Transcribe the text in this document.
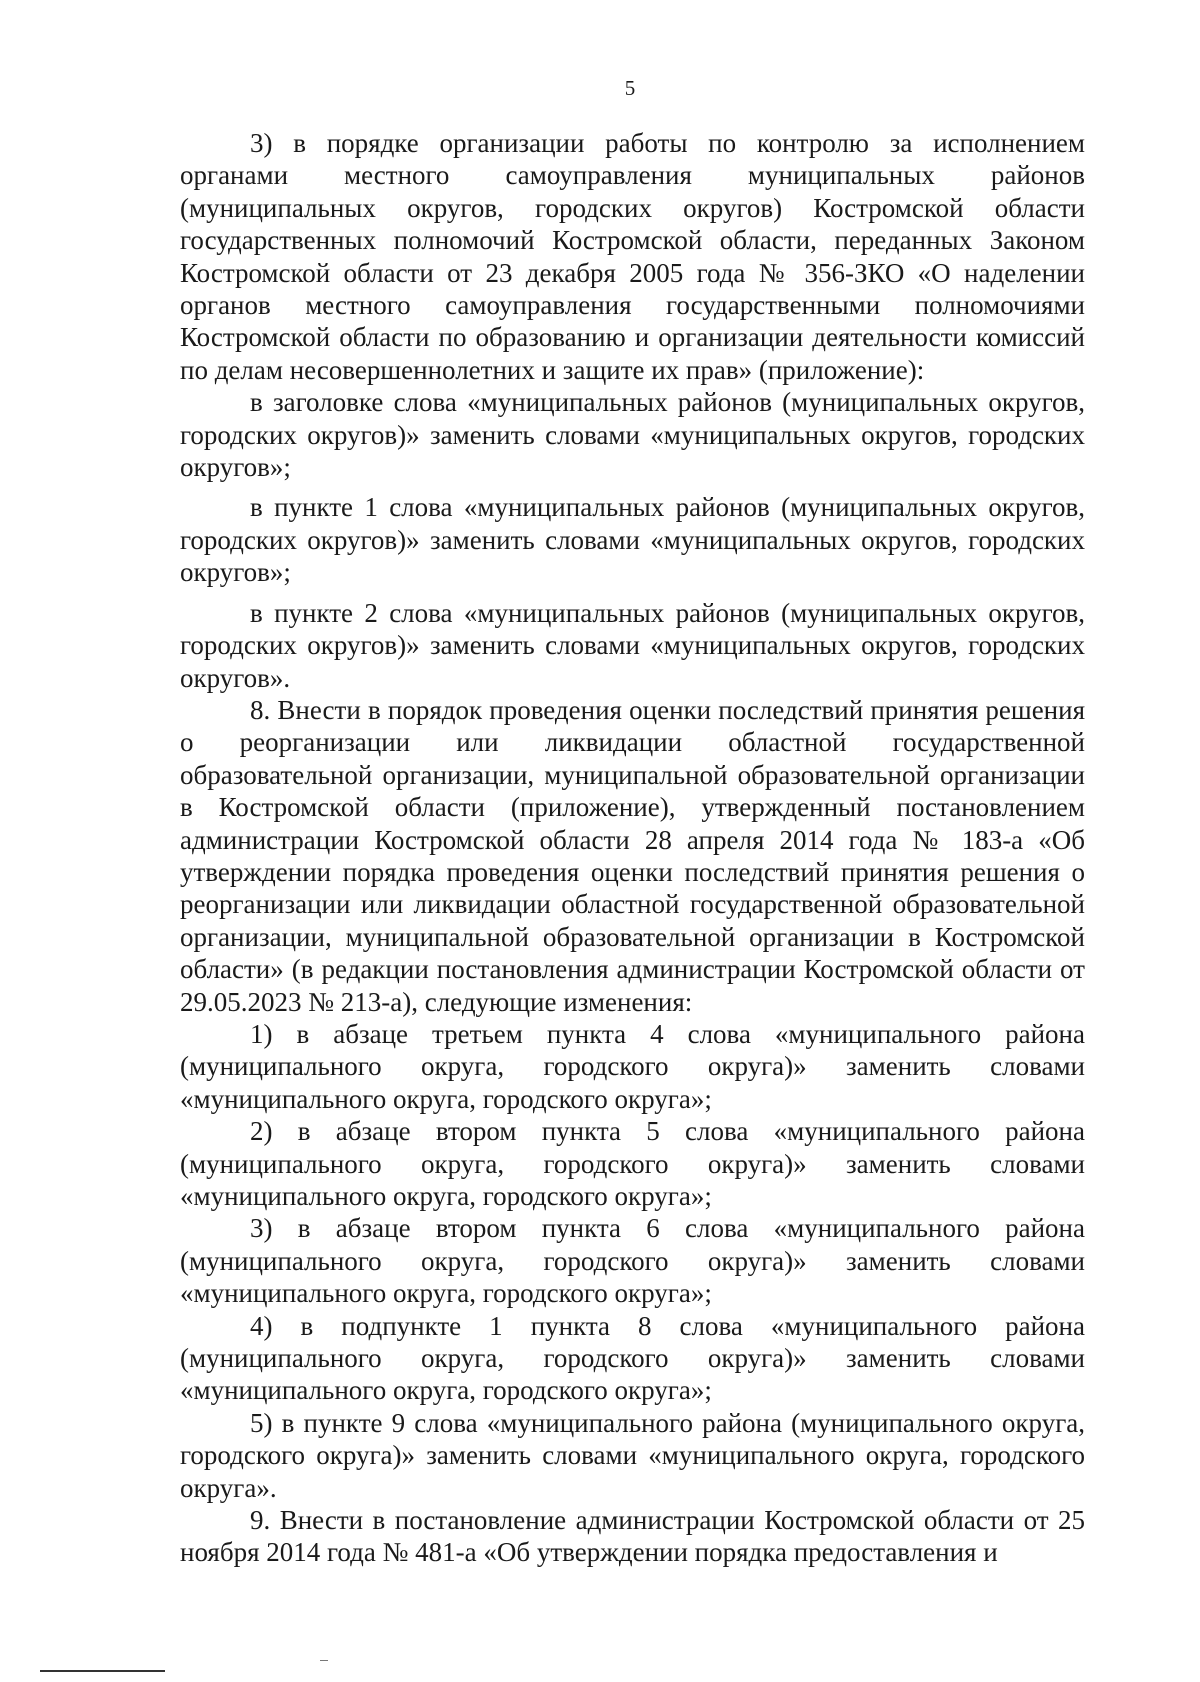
5

3) в порядке организации работы по контролю за исполнением органами местного самоуправления муниципальных районов (муниципальных округов, городских округов) Костромской области государственных полномочий Костромской области, переданных Законом Костромской области от 23 декабря 2005 года № 356-ЗКО «О наделении органов местного самоуправления государственными полномочиями Костромской области по образованию и организации деятельности комиссий по делам несовершеннолетних и защите их прав» (приложение):

в заголовке слова «муниципальных районов (муниципальных округов, городских округов)» заменить словами «муниципальных округов, городских округов»;

в пункте 1 слова «муниципальных районов (муниципальных округов, городских округов)» заменить словами «муниципальных округов, городских округов»;

в пункте 2 слова «муниципальных районов (муниципальных округов, городских округов)» заменить словами «муниципальных округов, городских округов».

8. Внести в порядок проведения оценки последствий принятия решения о реорганизации или ликвидации областной государственной образовательной организации, муниципальной образовательной организации в Костромской области (приложение), утвержденный постановлением администрации Костромской области 28 апреля 2014 года № 183-а «Об утверждении порядка проведения оценки последствий принятия решения о реорганизации или ликвидации областной государственной образовательной организации, муниципальной образовательной организации в Костромской области» (в редакции постановления администрации Костромской области от 29.05.2023 № 213-а), следующие изменения:

1) в абзаце третьем пункта 4 слова «муниципального района (муниципального округа, городского округа)» заменить словами «муниципального округа, городского округа»;

2) в абзаце втором пункта 5 слова «муниципального района (муниципального округа, городского округа)» заменить словами «муниципального округа, городского округа»;

3) в абзаце втором пункта 6 слова «муниципального района (муниципального округа, городского округа)» заменить словами «муниципального округа, городского округа»;

4) в подпункте 1 пункта 8 слова «муниципального района (муниципального округа, городского округа)» заменить словами «муниципального округа, городского округа»;

5) в пункте 9 слова «муниципального района (муниципального округа, городского округа)» заменить словами «муниципального округа, городского округа».

9. Внести в постановление администрации Костромской области от 25 ноября 2014 года № 481-а «Об утверждении порядка предоставления и
